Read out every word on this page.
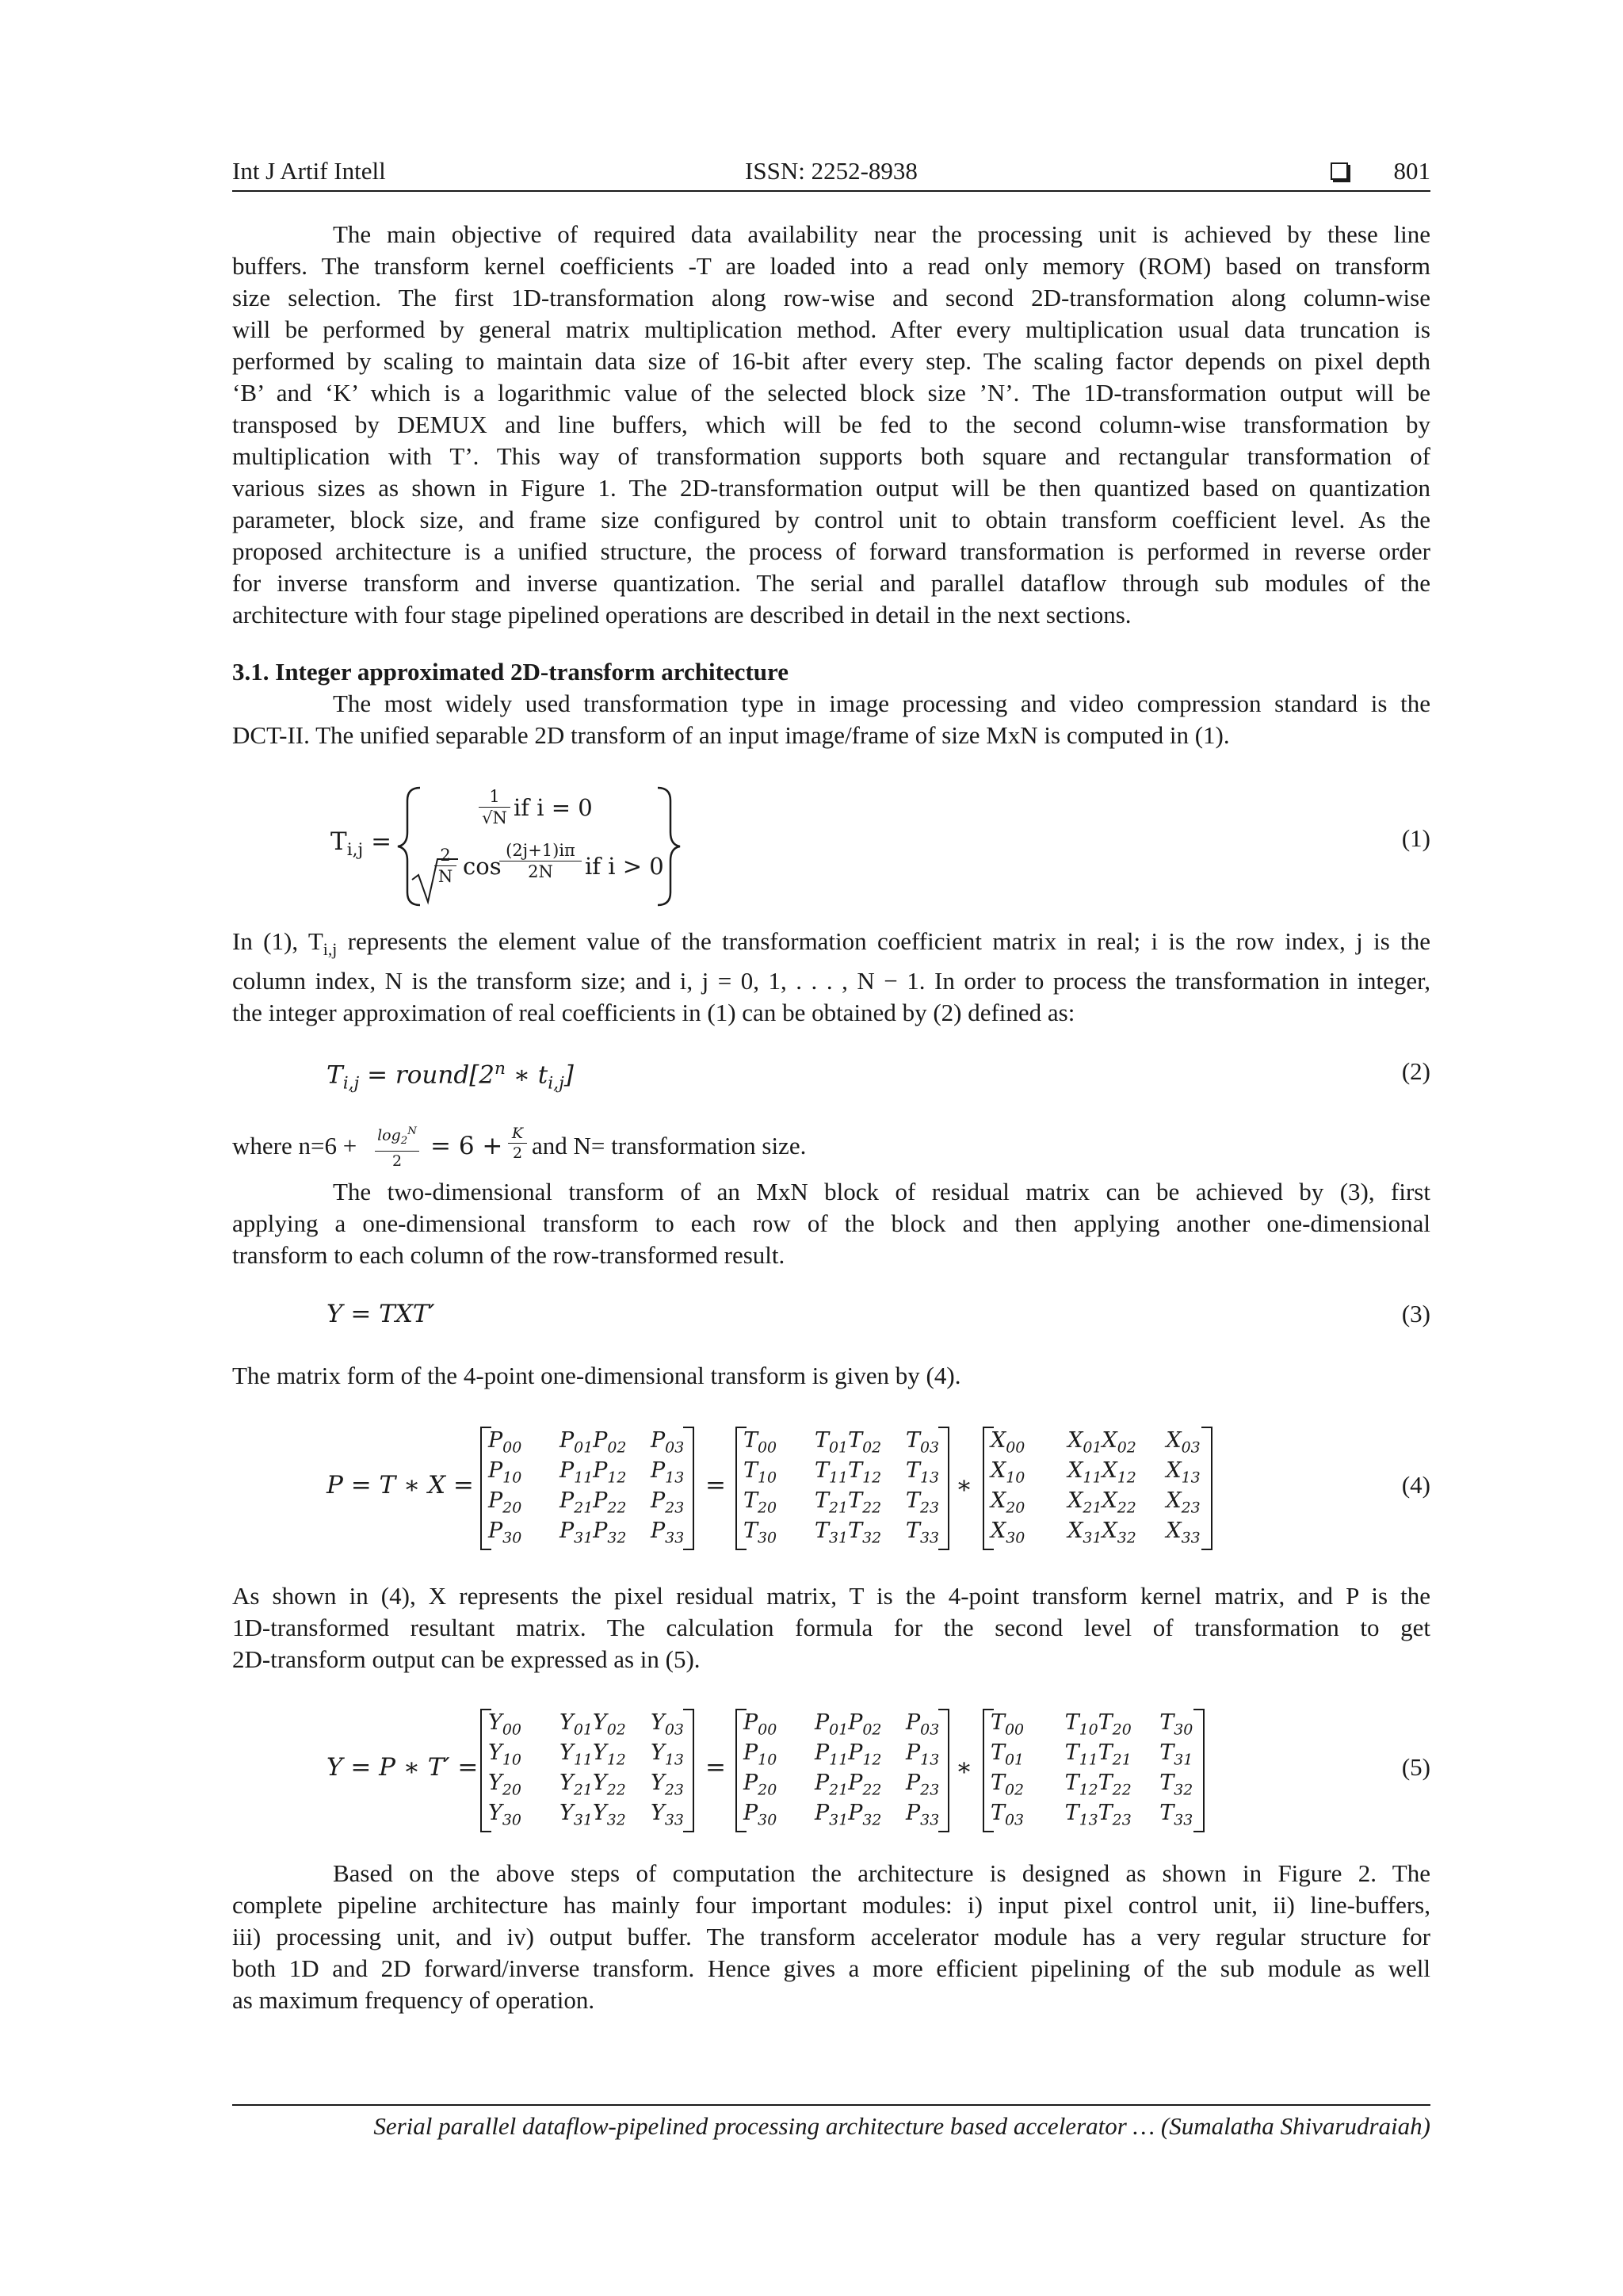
Int J Artif Intell	ISSN: 2252-8938	801
The main objective of required data availability near the processing unit is achieved by these line
buffers. The transform kernel coefficients -T are loaded into a read only memory (ROM) based on transform
size selection. The first 1D-transformation along row-wise and second 2D-transformation along column-wise
will be performed by general matrix multiplication method. After every multiplication usual data truncation is
performed by scaling to maintain data size of 16-bit after every step. The scaling factor depends on pixel depth
‘B’ and ‘K’ which is a logarithmic value of the selected block size ’N’. The 1D-transformation output will be
transposed by DEMUX and line buffers, which will be fed to the second column-wise transformation by
multiplication with T’. This way of transformation supports both square and rectangular transformation of
various sizes as shown in Figure 1. The 2D-transformation output will be then quantized based on quantization
parameter, block size, and frame size configured by control unit to obtain transform coefficient level. As the
proposed architecture is a unified structure, the process of forward transformation is performed in reverse order
for inverse transform and inverse quantization. The serial and parallel dataflow through sub modules of the
architecture with four stage pipelined operations are described in detail in the next sections.
3.1. Integer approximated 2D-transform architecture
The most widely used transformation type in image processing and video compression standard is the
DCT-II. The unified separable 2D transform of an input image/frame of size MxN is computed in (1).
$T_{i,j}$ =
1
√N if i = 0
2
N cos
(2j+1)iπ
2N	if i > 0
(1)
In (1), $T_{i,j}$ represents the element value of the transformation coefficient matrix in real; i is the row index, j is the
column index, N is the transform size; and i, j = 0, 1, . . . , N − 1. In order to process the transformation in integer,
the integer approximation of real coefficients in (1) can be obtained by (2) defined as:
$T_{i,j}$ = $round[2^n$ ∗ $t_{i,j}$]	(2)
where $n=6 + \log_2^N$
2
= 6 + K
2 and N= transformation size.
The two-dimensional transform of an MxN block of residual matrix can be achieved by (3), first
applying a one-dimensional transform to each row of the block and then applying another one-dimensional
transform to each column of the row-transformed result.
Y = TXT′	(3)
The matrix form of the 4-point one-dimensional transform is given by (4).
P = T ∗ X =
$P_{00}$ $P_{01}P_{02}$ $P_{03}$
$P_{10}$ $P_{11}P_{12}$ $P_{13}$
$P_{20}$ $P_{21}P_{22}$ $P_{23}$
$P_{30}$ $P_{31}P_{32}$ $P_{33}$
=
$T_{00}$ $T_{01}T_{02}$ $T_{03}$
$T_{10}$ $T_{11}T_{12}$ $T_{13}$
$T_{20}$ $T_{21}T_{22}$ $T_{23}$
$T_{30}$ $T_{31}T_{32}$ $T_{33}$
∗
$X_{00}$ $X_{01}X_{02}$ $X_{03}$
$X_{10}$ $X_{11}X_{12}$ $X_{13}$
$X_{20}$ $X_{21}X_{22}$ $X_{23}$
$X_{30}$ $X_{31}X_{32}$ $X_{33}$
(4)
As shown in (4), X represents the pixel residual matrix, T is the 4-point transform kernel matrix, and P is the
1D-transformed resultant matrix. The calculation formula for the second level of transformation to get
2D-transform output can be expressed as in (5).
Y = P ∗ T′ =
$Y_{00}$ $Y_{01}Y_{02}$ $Y_{03}$
$Y_{10}$ $Y_{11}Y_{12}$ $Y_{13}$
$Y_{20}$ $Y_{21}Y_{22}$ $Y_{23}$
$Y_{30}$ $Y_{31}Y_{32}$ $Y_{33}$
=
$P_{00}$ $P_{01}P_{02}$ $P_{03}$
$P_{10}$ $P_{11}P_{12}$ $P_{13}$
$P_{20}$ $P_{21}P_{22}$ $P_{23}$
$P_{30}$ $P_{31}P_{32}$ $P_{33}$
∗
$T_{00}$ $T_{10}T_{20}$ $T_{30}$
$T_{01}$ $T_{11}T_{21}$ $T_{31}$
$T_{02}$ $T_{12}T_{22}$ $T_{32}$
$T_{03}$ $T_{13}T_{23}$ $T_{33}$
(5)
Based on the above steps of computation the architecture is designed as shown in Figure 2. The
complete pipeline architecture has mainly four important modules: i) input pixel control unit, ii) line-buffers,
iii) processing unit, and iv) output buffer. The transform accelerator module has a very regular structure for
both 1D and 2D forward/inverse transform. Hence gives a more efficient pipelining of the sub module as well
as maximum frequency of operation.
Serial parallel dataflow-pipelined processing architecture based accelerator … (Sumalatha Shivarudraiah)
